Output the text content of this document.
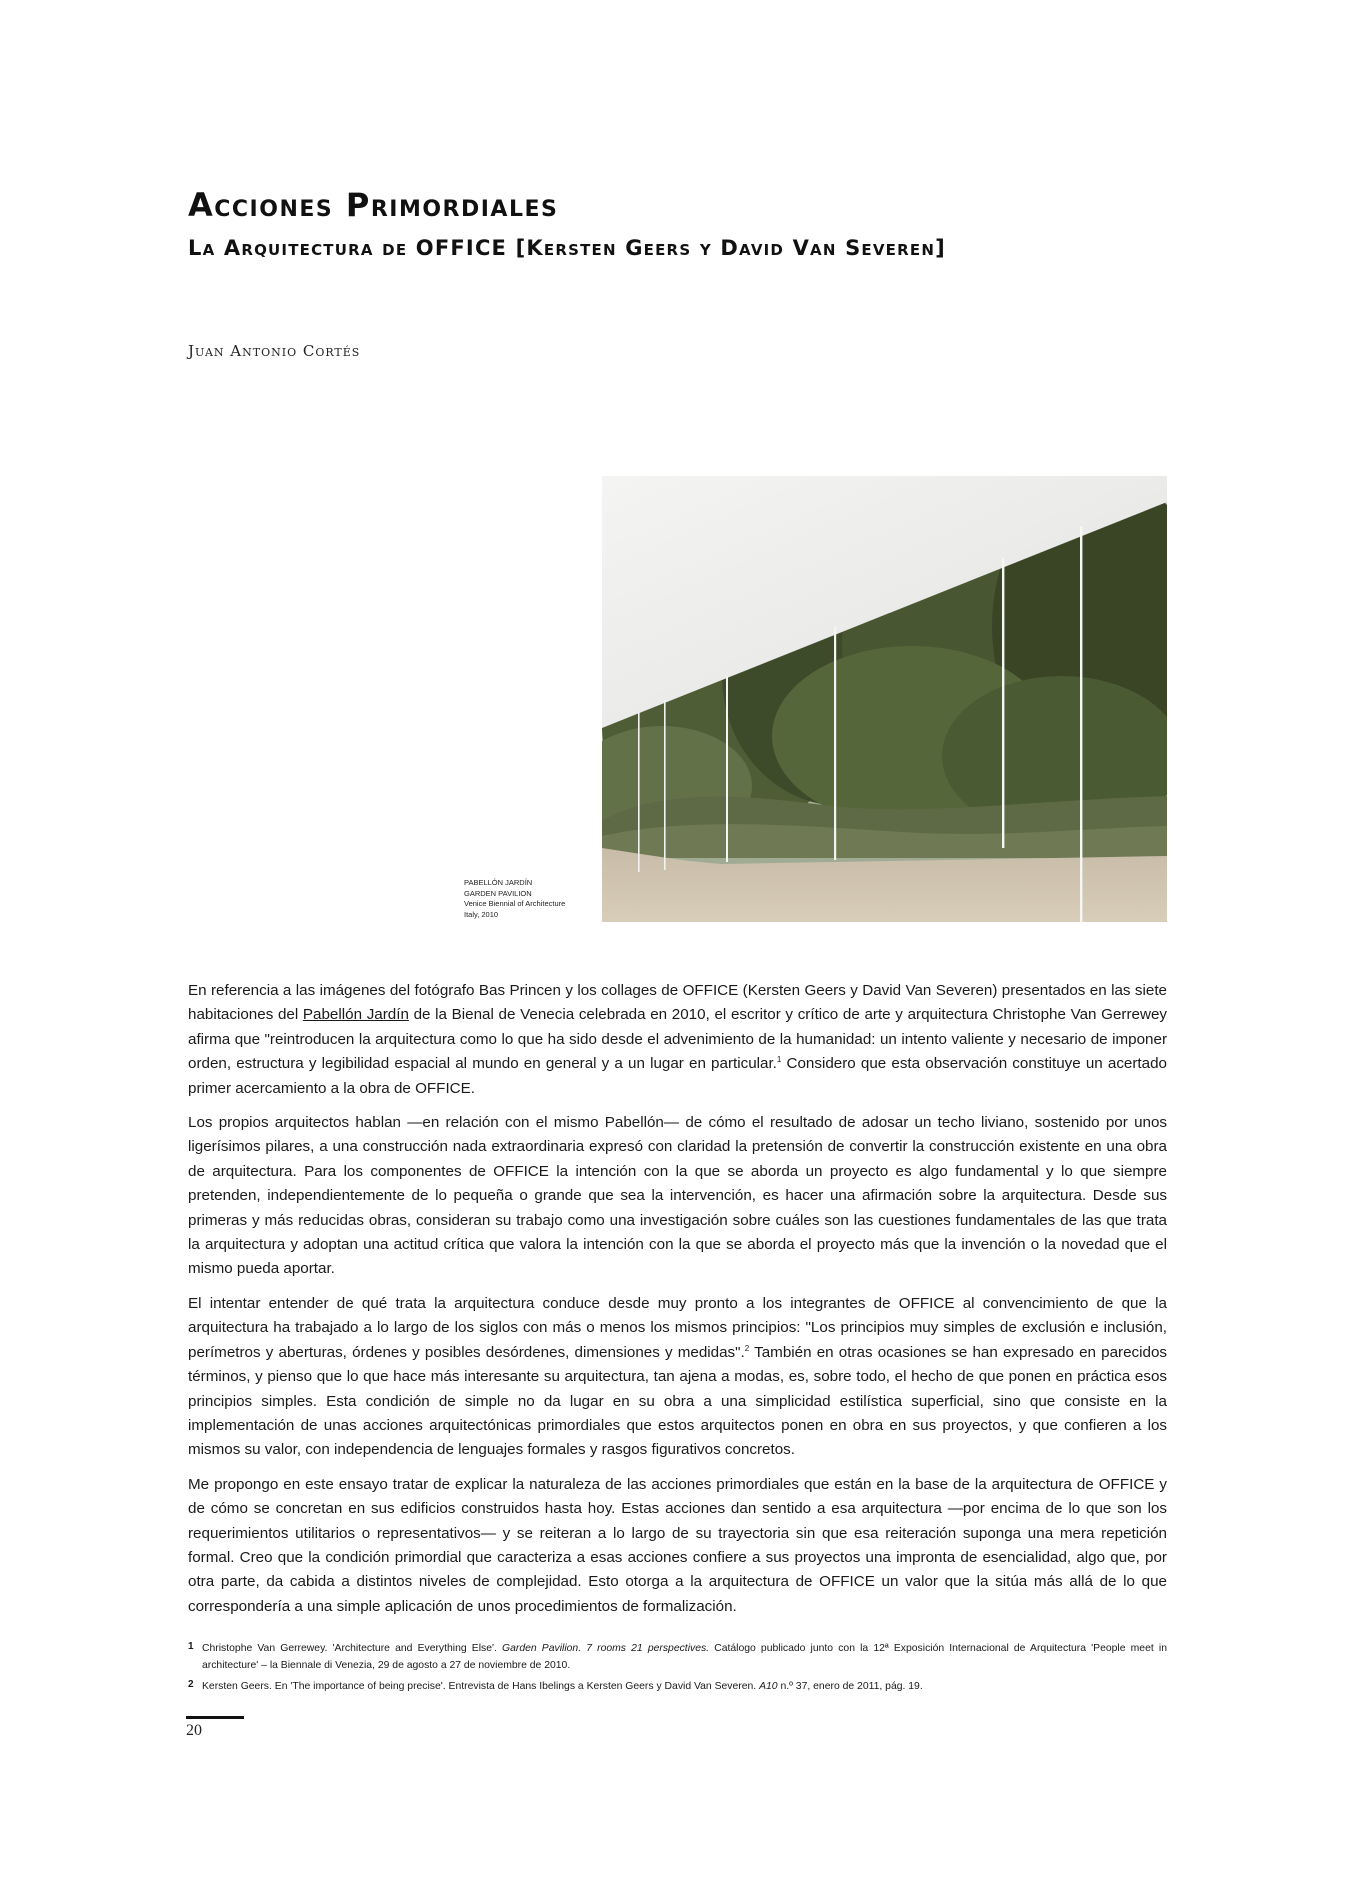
Acciones Primordiales
La Arquitectura de OFFICE [Kersten Geers y David Van Severen]
Juan Antonio Cortés
PABELLÓN JARDÍN
GARDEN PAVILION
Venice Biennial of Architecture
Italy, 2010

En referencia a las imágenes del fotógrafo Bas Princen y los collages de OFFICE (Kersten Geers y David Van Severen) presentados en las siete habitaciones del Pabellón Jardín de la Bienal de Venecia celebrada en 2010, el escritor y crítico de arte y arquitectura Christophe Van Gerrewey afirma que "reintroducen la arquitectura como lo que ha sido desde el advenimiento de la humanidad: un intento valiente y necesario de imponer orden, estructura y legibilidad espacial al mundo en general y a un lugar en particular.$^1$ Considero que esta observación constituye un acertado primer acercamiento a la obra de OFFICE.

Los propios arquitectos hablan —en relación con el mismo Pabellón— de cómo el resultado de adosar un techo liviano, sostenido por unos ligerísimos pilares, a una construcción nada extraordinaria expresó con claridad la pretensión de convertir la construcción existente en una obra de arquitectura. Para los componentes de OFFICE la intención con la que se aborda un proyecto es algo fundamental y lo que siempre pretenden, independientemente de lo pequeña o grande que sea la intervención, es hacer una afirmación sobre la arquitectura. Desde sus primeras y más reducidas obras, consideran su trabajo como una investigación sobre cuáles son las cuestiones fundamentales de las que trata la arquitectura y adoptan una actitud crítica que valora la intención con la que se aborda el proyecto más que la invención o la novedad que el mismo pueda aportar.

El intentar entender de qué trata la arquitectura conduce desde muy pronto a los integrantes de OFFICE al convencimiento de que la arquitectura ha trabajado a lo largo de los siglos con más o menos los mismos principios: "Los principios muy simples de exclusión e inclusión, perímetros y aberturas, órdenes y posibles desórdenes, dimensiones y medidas".$^2$ También en otras ocasiones se han expresado en parecidos términos, y pienso que lo que hace más interesante su arquitectura, tan ajena a modas, es, sobre todo, el hecho de que ponen en práctica esos principios simples. Esta condición de simple no da lugar en su obra a una simplicidad estilística superficial, sino que consiste en la implementación de unas acciones arquitectónicas primordiales que estos arquitectos ponen en obra en sus proyectos, y que confieren a los mismos su valor, con independencia de lenguajes formales y rasgos figurativos concretos.

Me propongo en este ensayo tratar de explicar la naturaleza de las acciones primordiales que están en la base de la arquitectura de OFFICE y de cómo se concretan en sus edificios construidos hasta hoy. Estas acciones dan sentido a esa arquitectura —por encima de lo que son los requerimientos utilitarios o representativos— y se reiteran a lo largo de su trayectoria sin que esa reiteración suponga una mera repetición formal. Creo que la condición primordial que caracteriza a esas acciones confiere a sus proyectos una impronta de esencialidad, algo que, por otra parte, da cabida a distintos niveles de complejidad. Esto otorga a la arquitectura de OFFICE un valor que la sitúa más allá de lo que correspondería a una simple aplicación de unos procedimientos de formalización.

1 Christophe Van Gerrewey. 'Architecture and Everything Else'. Garden Pavilion. 7 rooms 21 perspectives. Catálogo publicado junto con la 12ª Exposición Internacional de Arquitectura 'People meet in architecture' – la Biennale di Venezia, 29 de agosto a 27 de noviembre de 2010.
2 Kersten Geers. En 'The importance of being precise'. Entrevista de Hans Ibelings a Kersten Geers y David Van Severen. A10 n.º 37, enero de 2011, pág. 19.
20
